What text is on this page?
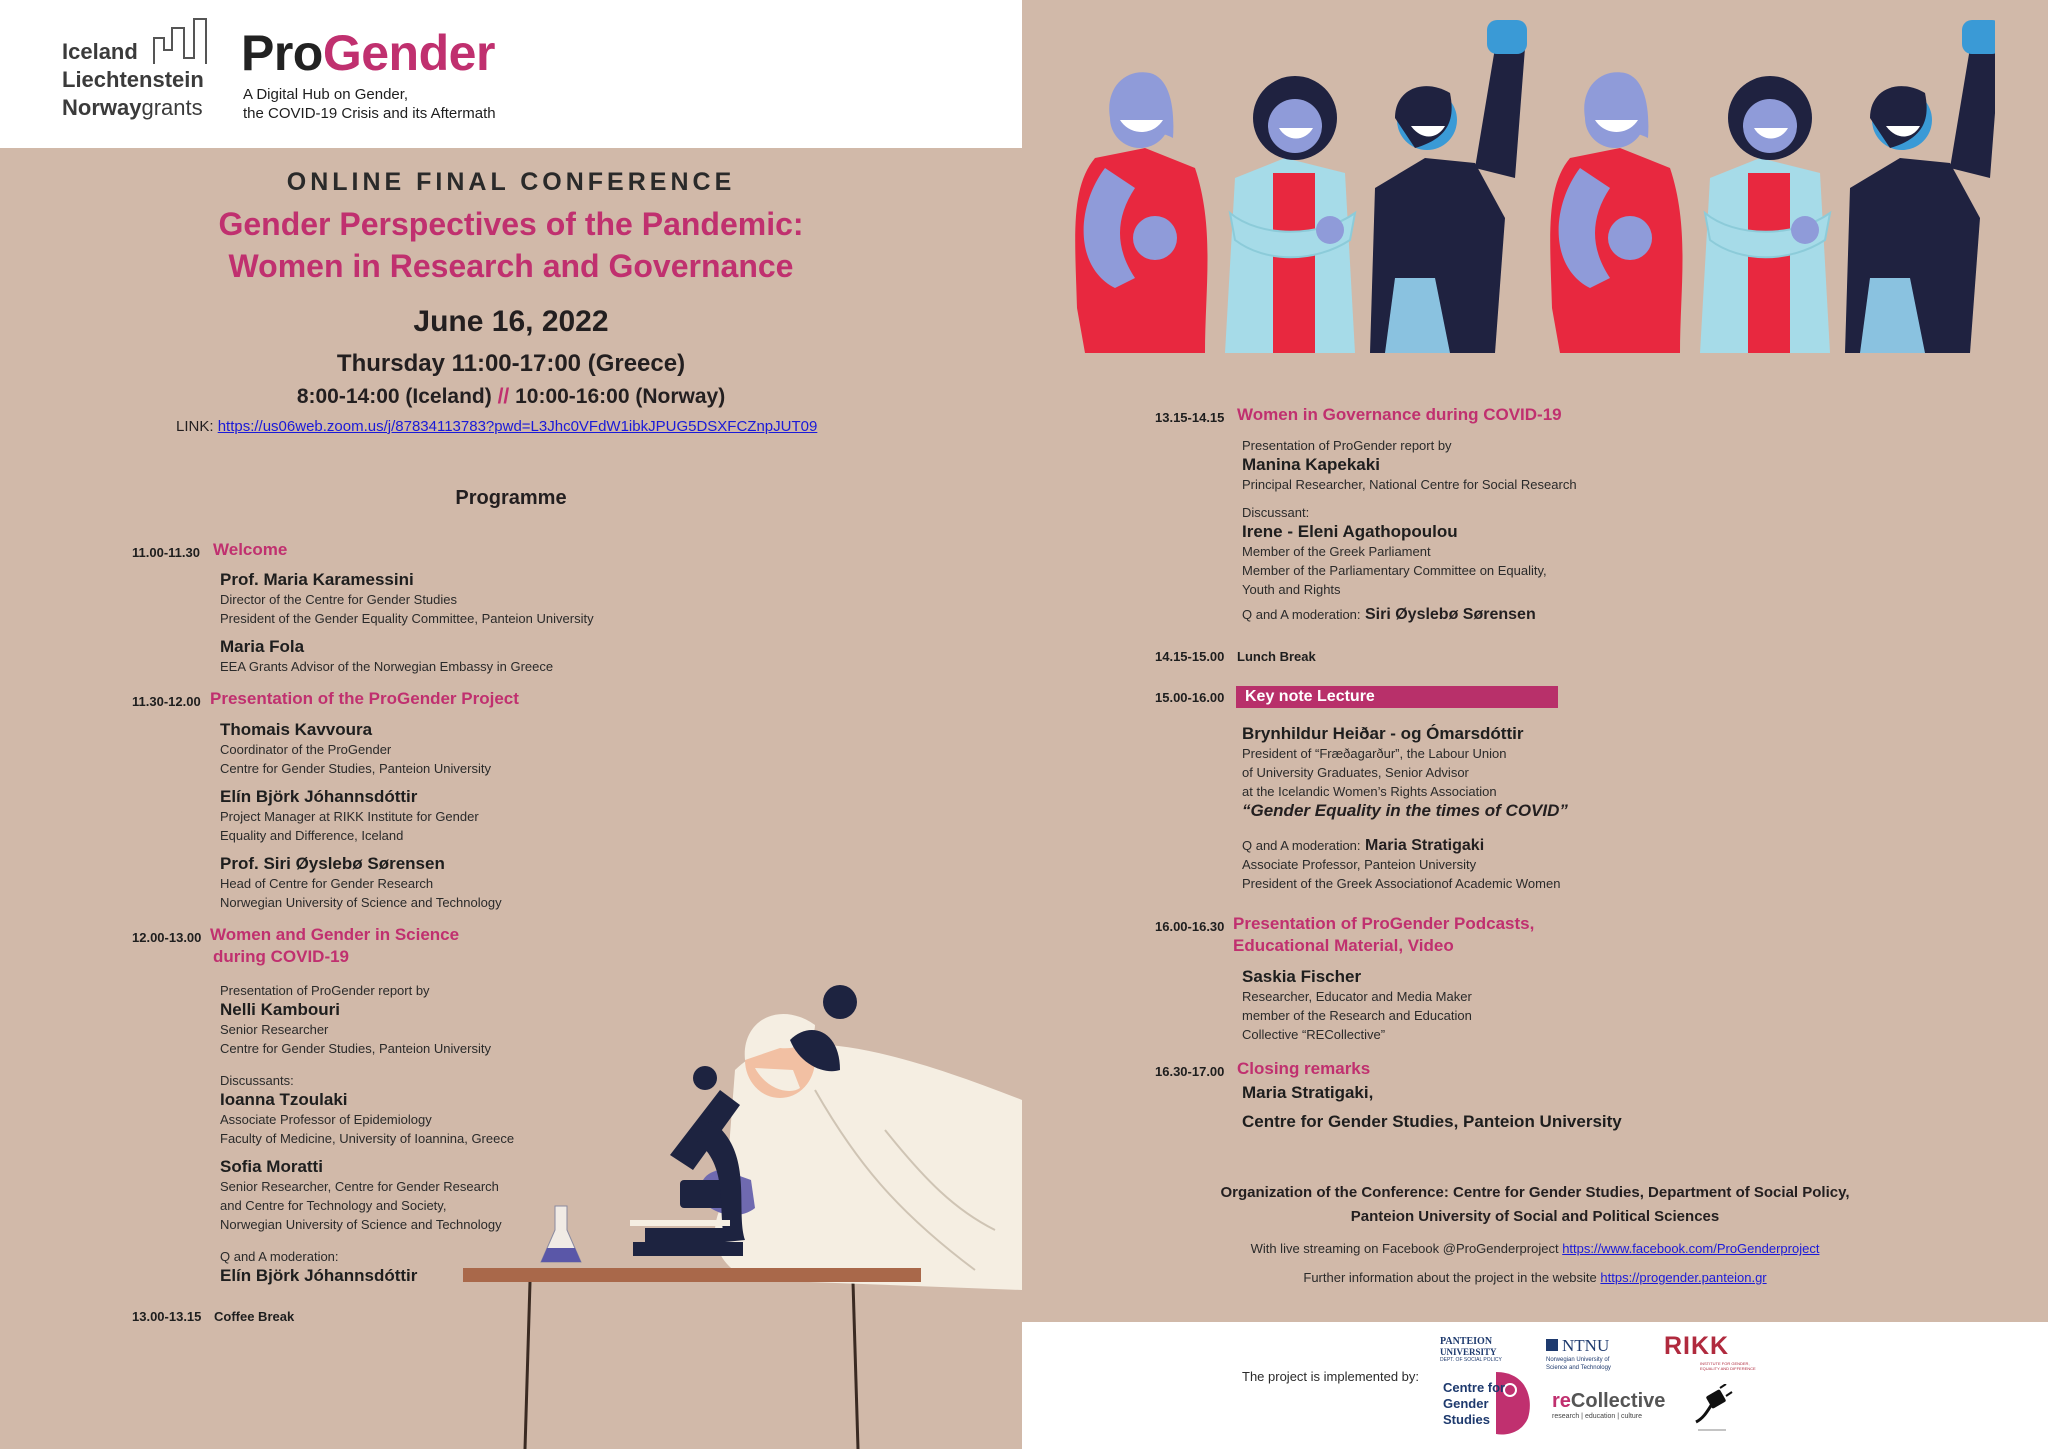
Iceland
Liechtenstein
Norwaygrants
ProGender
A Digital Hub on Gender,
the COVID-19 Crisis and its Aftermath
ONLINE FINAL CONFERENCE
Gender Perspectives of the Pandemic:
Women in Research and Governance
June 16, 2022
Thursday 11:00-17:00 (Greece)
8:00-14:00 (Iceland) // 10:00-16:00 (Norway)
LINK: https://us06web.zoom.us/j/87834113783?pwd=L3Jhc0VFdW1ibkJPUG5DSXFCZnpJUT09
Programme
11.00-11.30 Welcome
Prof. Maria Karamessini
Director of the Centre for Gender Studies
President of the Gender Equality Committee, Panteion University
Maria Fola
EEA Grants Advisor of the Norwegian Embassy in Greece
11.30-12.00 Presentation of the ProGender Project
Thomais Kavvoura
Coordinator of the ProGender
Centre for Gender Studies, Panteion University
Elín Björk Jóhannsdóttir
Project Manager at RIKK Institute for Gender
Equality and Difference, Iceland
Prof. Siri Øyslebø Sørensen
Head of Centre for Gender Research
Norwegian University of Science and Technology
12.00-13.00 Women and Gender in Science
during COVID-19
Presentation of ProGender report by
Nelli Kambouri
Senior Researcher
Centre for Gender Studies, Panteion University
Discussants:
Ioanna Tzoulaki
Associate Professor of Epidemiology
Faculty of Medicine, University of Ioannina, Greece
Sofia Moratti
Senior Researcher, Centre for Gender Research
and Centre for Technology and Society,
Norwegian University of Science and Technology
Q and A moderation:
Elín Björk Jóhannsdóttir
13.00-13.15 Coffee Break
13.15-14.15 Women in Governance during COVID-19
Presentation of ProGender report by
Manina Kapekaki
Principal Researcher, National Centre for Social Research
Discussant:
Irene - Eleni Agathopoulou
Member of the Greek Parliament
Member of the Parliamentary Committee on Equality,
Youth and Rights
Q and A moderation: Siri Øyslebø Sørensen
14.15-15.00 Lunch Break
15.00-16.00	Key note Lecture
Brynhildur Heiðar - og Ómarsdóttir
President of “Fræðagarður”, the Labour Union
of University Graduates, Senior Advisor
at the Icelandic Women’s Rights Association
“Gender Equality in the times of COVID”
Q and A moderation: Maria Stratigaki
Associate Professor, Panteion University
President of the Greek Associationof Academic Women
16.00-16.30 Presentation of ProGender Podcasts,
Educational Material, Video
Saskia Fischer
Researcher, Educator and Media Maker
member of the Research and Education
Collective “RECollective”
16.30-17.00 Closing remarks
Maria Stratigaki,
Centre for Gender Studies, Panteion University
Organization of the Conference: Centre for Gender Studies, Department of Social Policy,
Panteion University of Social and Political Sciences
With live streaming on Facebook @ProGenderproject https://www.facebook.com/ProGenderproject
Further information about the project in the website https://progender.panteion.gr
The project is implemented by:
PANTEION
UNIVERSITY
DEPT. OF SOCIAL POLICY
Centre for
Gender
Studies
NTNU
Norwegian University of
Science and Technology
RIKK
INSTITUTE FOR GENDER, EQUALITY AND DIFFERENCE
reCollective
research | education | culture
